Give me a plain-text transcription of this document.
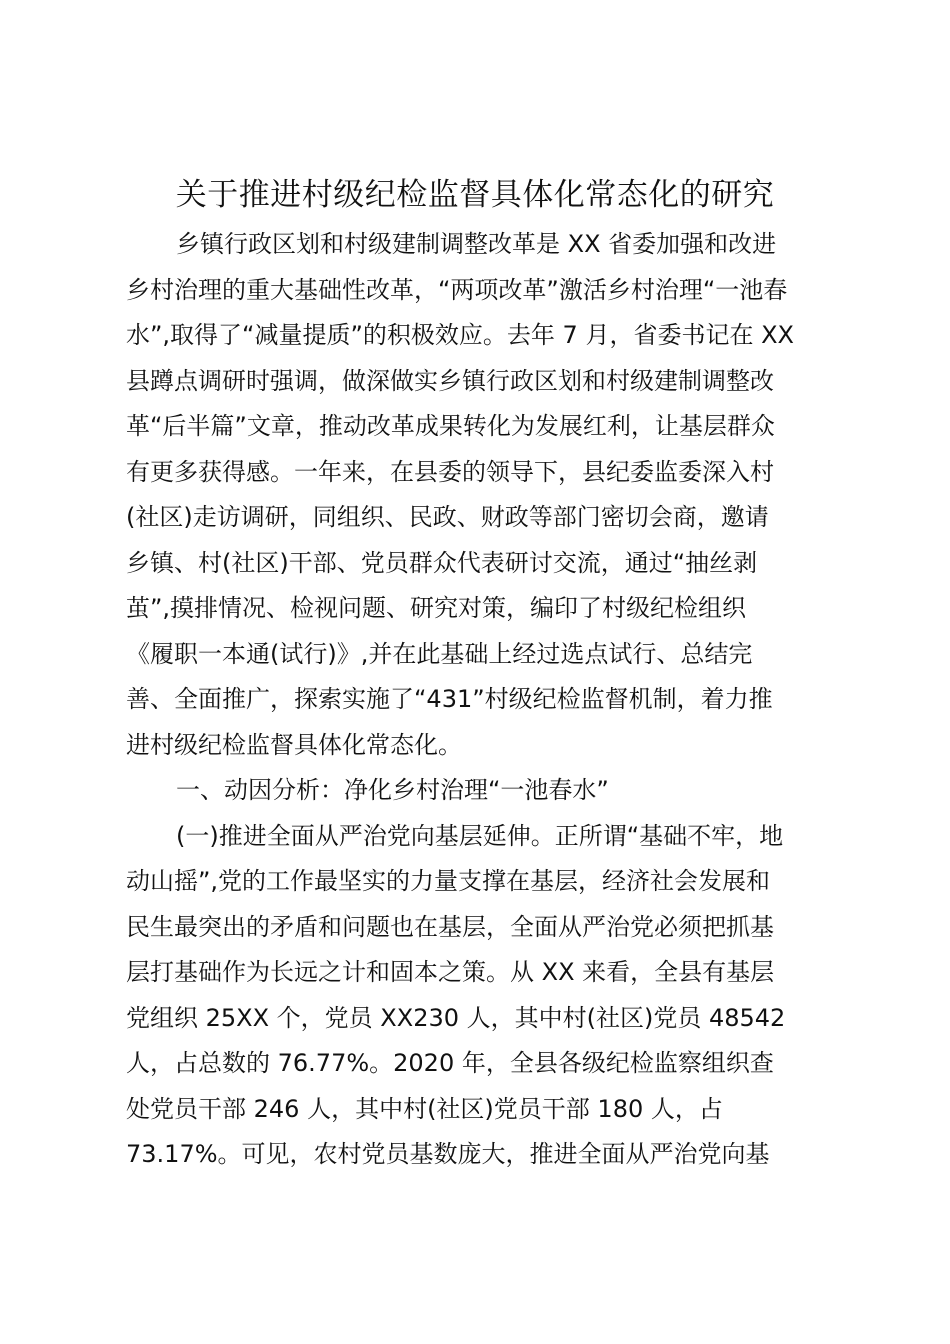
关于推进村级纪检监督具体化常态化的研究
乡镇行政区划和村级建制调整改革是 XX 省委加强和改进
乡村治理的重大基础性改革，“两项改革”激活乡村治理“一池春
水”,取得了“减量提质”的积极效应。去年 7 月，省委书记在 XX
县蹲点调研时强调，做深做实乡镇行政区划和村级建制调整改
革“后半篇”文章，推动改革成果转化为发展红利，让基层群众
有更多获得感。一年来，在县委的领导下，县纪委监委深入村
(社区)走访调研，同组织、民政、财政等部门密切会商，邀请
乡镇、村(社区)干部、党员群众代表研讨交流，通过“抽丝剥
茧”,摸排情况、检视问题、研究对策，编印了村级纪检组织
《履职一本通(试行)》,并在此基础上经过选点试行、总结完
善、全面推广，探索实施了“431”村级纪检监督机制，着力推
进村级纪检监督具体化常态化。
一、动因分析：净化乡村治理“一池春水”
(一)推进全面从严治党向基层延伸。正所谓“基础不牢，地
动山摇”,党的工作最坚实的力量支撑在基层，经济社会发展和
民生最突出的矛盾和问题也在基层，全面从严治党必须把抓基
层打基础作为长远之计和固本之策。从 XX 来看，全县有基层
党组织 25XX 个，党员 XX230 人，其中村(社区)党员 48542
人，占总数的 76.77%。2020 年，全县各级纪检监察组织查
处党员干部 246 人，其中村(社区)党员干部 180 人，占
73.17%。可见，农村党员基数庞大，推进全面从严治党向基
